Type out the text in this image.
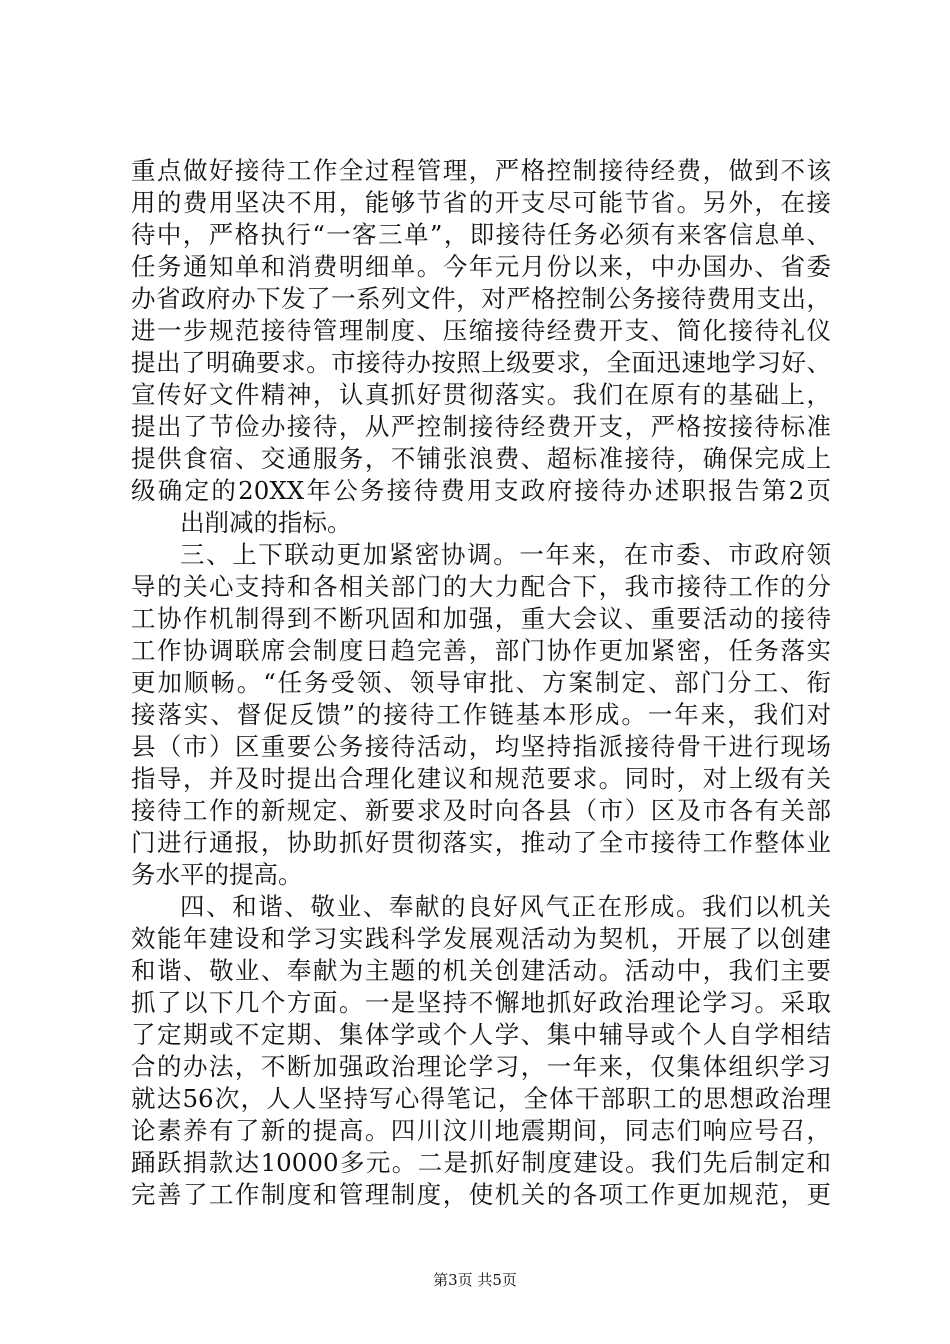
重点做好接待工作全过程管理，严格控制接待经费，做到不该
用的费用坚决不用，能够节省的开支尽可能节省。另外，在接
待中，严格执行“一客三单”，即接待任务必须有来客信息单、
任务通知单和消费明细单。今年元月份以来，中办国办、省委
办省政府办下发了一系列文件，对严格控制公务接待费用支出，
进一步规范接待管理制度、压缩接待经费开支、简化接待礼仪
提出了明确要求。市接待办按照上级要求，全面迅速地学习好、
宣传好文件精神，认真抓好贯彻落实。我们在原有的基础上，
提出了节俭办接待，从严控制接待经费开支，严格按接待标准
提供食宿、交通服务，不铺张浪费、超标准接待，确保完成上
级确定的20XX年公务接待费用支政府接待办述职报告第2页
出削减的指标。
三、上下联动更加紧密协调。一年来，在市委、市政府领
导的关心支持和各相关部门的大力配合下，我市接待工作的分
工协作机制得到不断巩固和加强，重大会议、重要活动的接待
工作协调联席会制度日趋完善，部门协作更加紧密，任务落实
更加顺畅。“任务受领、领导审批、方案制定、部门分工、衔
接落实、督促反馈”的接待工作链基本形成。一年来，我们对
县（市）区重要公务接待活动，均坚持指派接待骨干进行现场
指导，并及时提出合理化建议和规范要求。同时，对上级有关
接待工作的新规定、新要求及时向各县（市）区及市各有关部
门进行通报，协助抓好贯彻落实，推动了全市接待工作整体业
务水平的提高。
四、和谐、敬业、奉献的良好风气正在形成。我们以机关
效能年建设和学习实践科学发展观活动为契机，开展了以创建
和谐、敬业、奉献为主题的机关创建活动。活动中，我们主要
抓了以下几个方面。一是坚持不懈地抓好政治理论学习。采取
了定期或不定期、集体学或个人学、集中辅导或个人自学相结
合的办法，不断加强政治理论学习，一年来，仅集体组织学习
就达56次，人人坚持写心得笔记，全体干部职工的思想政治理
论素养有了新的提高。四川汶川地震期间，同志们响应号召，
踊跃捐款达10000多元。二是抓好制度建设。我们先后制定和
完善了工作制度和管理制度，使机关的各项工作更加规范，更
第3页 共5页
